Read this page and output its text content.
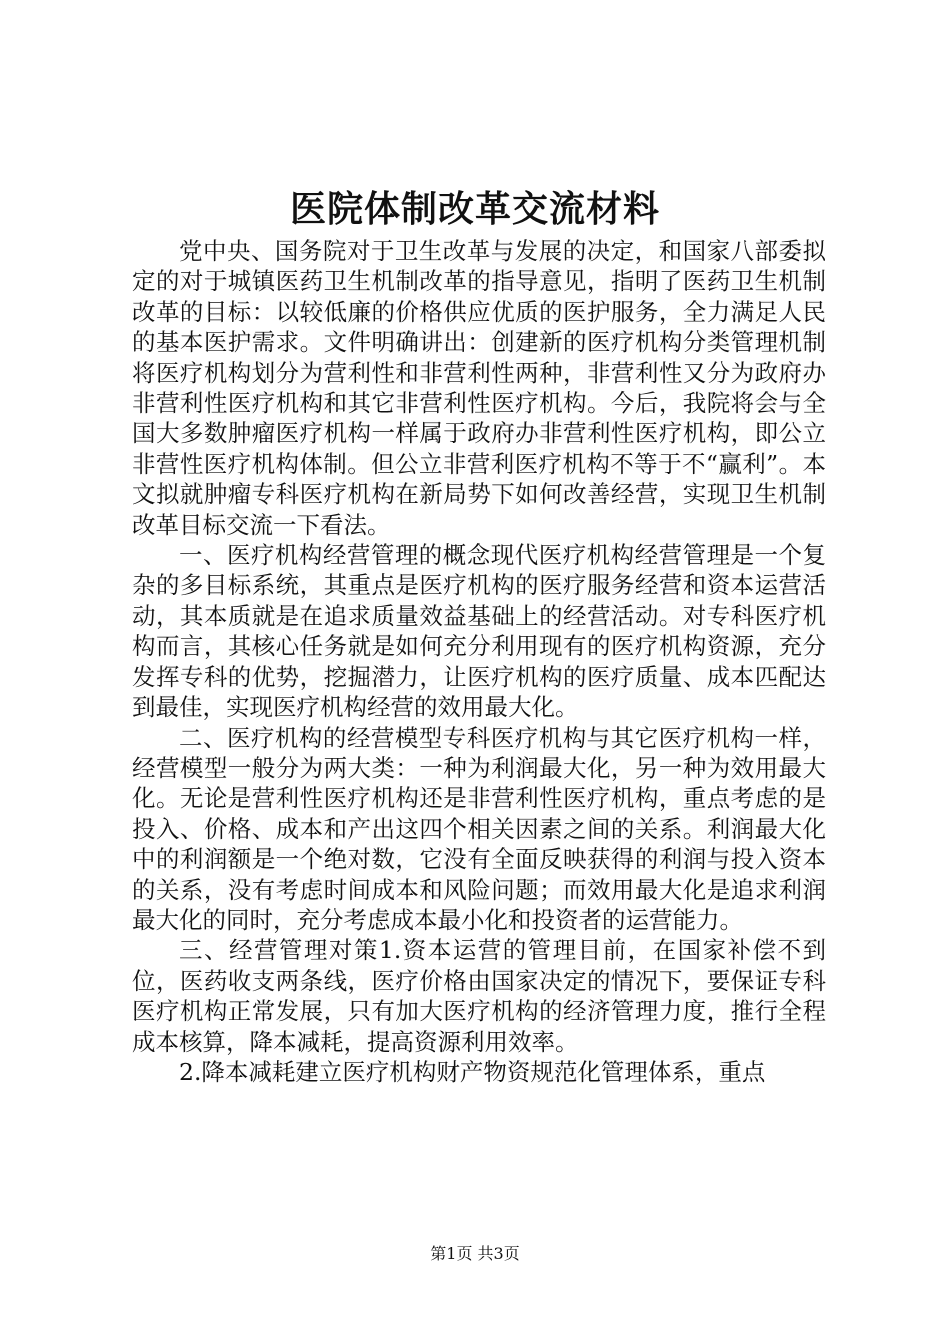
医院体制改革交流材料

党中央、国务院对于卫生改革与发展的决定，和国家八部委拟定的对于城镇医药卫生机制改革的指导意见，指明了医药卫生机制改革的目标：以较低廉的价格供应优质的医护服务，全力满足人民的基本医护需求。文件明确讲出：创建新的医疗机构分类管理机制将医疗机构划分为营利性和非营利性两种，非营利性又分为政府办非营利性医疗机构和其它非营利性医疗机构。今后，我院将会与全国大多数肿瘤医疗机构一样属于政府办非营利性医疗机构，即公立非营性医疗机构体制。但公立非营利医疗机构不等于不“赢利”。本文拟就肿瘤专科医疗机构在新局势下如何改善经营，实现卫生机制改革目标交流一下看法。

一、医疗机构经营管理的概念现代医疗机构经营管理是一个复杂的多目标系统，其重点是医疗机构的医疗服务经营和资本运营活动，其本质就是在追求质量效益基础上的经营活动。对专科医疗机构而言，其核心任务就是如何充分利用现有的医疗机构资源，充分发挥专科的优势，挖掘潜力，让医疗机构的医疗质量、成本匹配达到最佳，实现医疗机构经营的效用最大化。

二、医疗机构的经营模型专科医疗机构与其它医疗机构一样，经营模型一般分为两大类：一种为利润最大化，另一种为效用最大化。无论是营利性医疗机构还是非营利性医疗机构，重点考虑的是投入、价格、成本和产出这四个相关因素之间的关系。利润最大化中的利润额是一个绝对数，它没有全面反映获得的利润与投入资本的关系，没有考虑时间成本和风险问题；而效用最大化是追求利润最大化的同时，充分考虑成本最小化和投资者的运营能力。

三、经营管理对策1.资本运营的管理目前，在国家补偿不到位，医药收支两条线，医疗价格由国家决定的情况下，要保证专科医疗机构正常发展，只有加大医疗机构的经济管理力度，推行全程成本核算，降本减耗，提高资源利用效率。

2.降本减耗建立医疗机构财产物资规范化管理体系，重点

第1页 共3页
